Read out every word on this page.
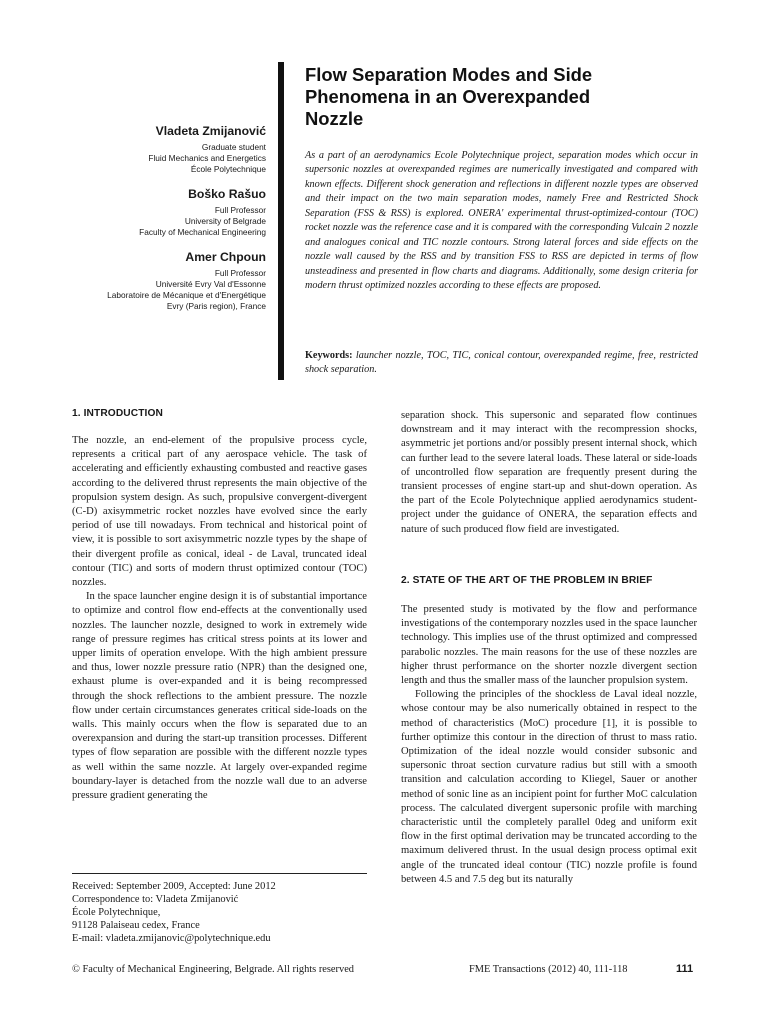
Vladeta Zmijanović
Graduate student
Fluid Mechanics and Energetics
École Polytechnique
Boško Rašuo
Full Professor
University of Belgrade
Faculty of Mechanical Engineering
Amer Chpoun
Full Professor
Université Evry Val d'Essonne
Laboratoire de Mécanique et d'Energétique
Evry (Paris region), France
Flow Separation Modes and Side Phenomena in an Overexpanded Nozzle
As a part of an aerodynamics Ecole Polytechnique project, separation modes which occur in supersonic nozzles at overexpanded regimes are numerically investigated and compared with known effects. Different shock generation and reflections in different nozzle types are observed and their impact on the two main separation modes, namely Free and Restricted Shock Separation (FSS & RSS) is explored. ONERA' experimental thrust-optimized-contour (TOC) rocket nozzle was the reference case and it is compared with the corresponding Vulcain 2 nozzle and analogues conical and TIC nozzle contours. Strong lateral forces and side effects on the nozzle wall caused by the RSS and by transition FSS to RSS are depicted in terms of flow unsteadiness and presented in flow charts and diagrams. Additionally, some design criteria for modern thrust optimized nozzles according to these effects are proposed.
Keywords: launcher nozzle, TOC, TIC, conical contour, overexpanded regime, free, restricted shock separation.
1. INTRODUCTION

The nozzle, an end-element of the propulsive process cycle, represents a critical part of any aerospace vehicle. The task of accelerating and efficiently exhausting combusted and reactive gases according to the delivered thrust represents the main objective of the propulsion system design. As such, propulsive convergent-divergent (C-D) axisymmetric rocket nozzles have evolved since the early period of use till nowadays. From technical and historical point of view, it is possible to sort axisymmetric nozzle types by the shape of their divergent profile as conical, ideal - de Laval, truncated ideal contour (TIC) and sorts of modern thrust optimized contour (TOC) nozzles.

In the space launcher engine design it is of substantial importance to optimize and control flow end-effects at the conventionally used nozzles. The launcher nozzle, designed to work in extremely wide range of pressure regimes has critical stress points at its lower and upper limits of operation envelope. With the high ambient pressure and thus, lower nozzle pressure ratio (NPR) than the designed one, exhaust plume is over-expanded and it is being recompressed through the shock reflections to the ambient pressure. The nozzle flow under certain circumstances generates critical side-loads on the walls. This mainly occurs when the flow is separated due to an overexpansion and during the start-up transition processes. Different types of flow separation are possible with the different nozzle types as well within the same nozzle. At largely over-expanded regime boundary-layer is detached from the nozzle wall due to an adverse pressure gradient generating the

separation shock. This supersonic and separated flow continues downstream and it may interact with the recompression shocks, asymmetric jet portions and/or possibly present internal shock, which can further lead to the severe lateral loads. These lateral or side-loads of uncontrolled flow separation are frequently present during the transient processes of engine start-up and shut-down operation. As the part of the Ecole Polytechnique applied aerodynamics student-project under the guidance of ONERA, the separation effects and nature of such produced flow field are investigated.

2. STATE OF THE ART OF THE PROBLEM IN BRIEF

The presented study is motivated by the flow and performance investigations of the contemporary nozzles used in the space launcher technology. This implies use of the thrust optimized and compressed parabolic nozzles. The main reasons for the use of these nozzles are higher thrust performance on the shorter nozzle divergent section length and thus the smaller mass of the launcher propulsion system.

Following the principles of the shockless de Laval ideal nozzle, whose contour may be also numerically obtained in respect to the method of characteristics (MoC) procedure [1], it is possible to further optimize this contour in the direction of thrust to mass ratio. Optimization of the ideal nozzle would consider subsonic and supersonic throat section curvature radius but still with a smooth transition and calculation according to Kliegel, Sauer or another method of sonic line as an incipient point for further MoC calculation process. The calculated divergent supersonic profile with marching characteristic until the completely parallel 0deg and uniform exit flow in the first optimal derivation may be truncated according to the maximum delivered thrust. In the usual design process optimal exit angle of the truncated ideal contour (TIC) nozzle profile is found between 4.5 and 7.5 deg but its naturally

Received: September 2009, Accepted: June 2012
Correspondence to: Vladeta Zmijanović
École Polytechnique,
91128 Palaiseau cedex, France
E-mail: vladeta.zmijanovic@polytechnique.edu
© Faculty of Mechanical Engineering, Belgrade. All rights reserved	FME Transactions (2012) 40, 111-118	111
